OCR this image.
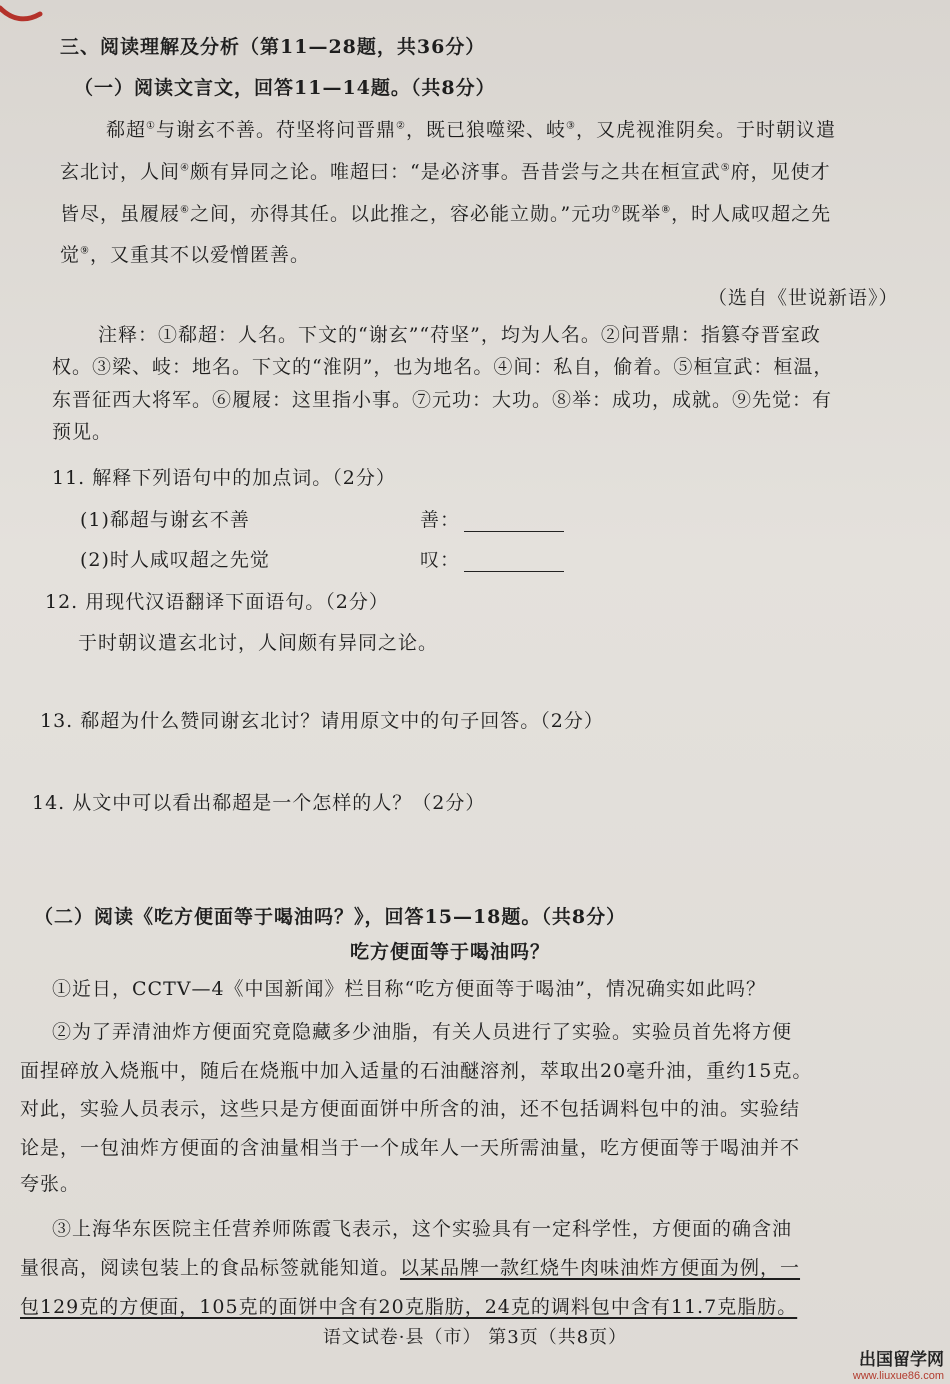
三、阅读理解及分析（第11—28题，共36分）
（一）阅读文言文，回答11—14题。（共8分）
郗超①与谢玄不善。苻坚将问晋鼎②，既已狼噬梁、岐③，又虎视淮阴矣。于时朝议遣
玄北讨，人间④颇有异同之论。唯超曰：“是必济事。吾昔尝与之共在桓宣武⑤府，见使才
皆尽，虽履屐⑥之间，亦得其任。以此推之，容必能立勋。”元功⑦既举⑧，时人咸叹超之先
觉⑨，又重其不以爱憎匿善。
（选自《世说新语》）
注释：①郗超：人名。下文的“谢玄”“苻坚”，均为人名。②问晋鼎：指篡夺晋室政
权。③梁、岐：地名。下文的“淮阴”，也为地名。④间：私自，偷着。⑤桓宣武：桓温，
东晋征西大将军。⑥履屐：这里指小事。⑦元功：大功。⑧举：成功，成就。⑨先觉：有
预见。
11. 解释下列语句中的加点词。（2分）
(1)郗超与谢玄不善	善：
(2)时人咸叹超之先觉	叹：
12. 用现代汉语翻译下面语句。（2分）
于时朝议遣玄北讨，人间颇有异同之论。
13. 郗超为什么赞同谢玄北讨？请用原文中的句子回答。（2分）
14. 从文中可以看出郗超是一个怎样的人？（2分）
（二）阅读《吃方便面等于喝油吗？》，回答15—18题。（共8分）
吃方便面等于喝油吗？
①近日，CCTV—4《中国新闻》栏目称“吃方便面等于喝油”，情况确实如此吗？
②为了弄清油炸方便面究竟隐藏多少油脂，有关人员进行了实验。实验员首先将方便
面捏碎放入烧瓶中，随后在烧瓶中加入适量的石油醚溶剂，萃取出20毫升油，重约15克。
对此，实验人员表示，这些只是方便面面饼中所含的油，还不包括调料包中的油。实验结
论是，一包油炸方便面的含油量相当于一个成年人一天所需油量，吃方便面等于喝油并不
夸张。
③上海华东医院主任营养师陈霞飞表示，这个实验具有一定科学性，方便面的确含油
量很高，阅读包装上的食品标签就能知道。以某品牌一款红烧牛肉味油炸方便面为例，一
包129克的方便面，105克的面饼中含有20克脂肪，24克的调料包中含有11.7克脂肪。
语文试卷·县（市） 第3页（共8页）
出国留学网
www.liuxue86.com
